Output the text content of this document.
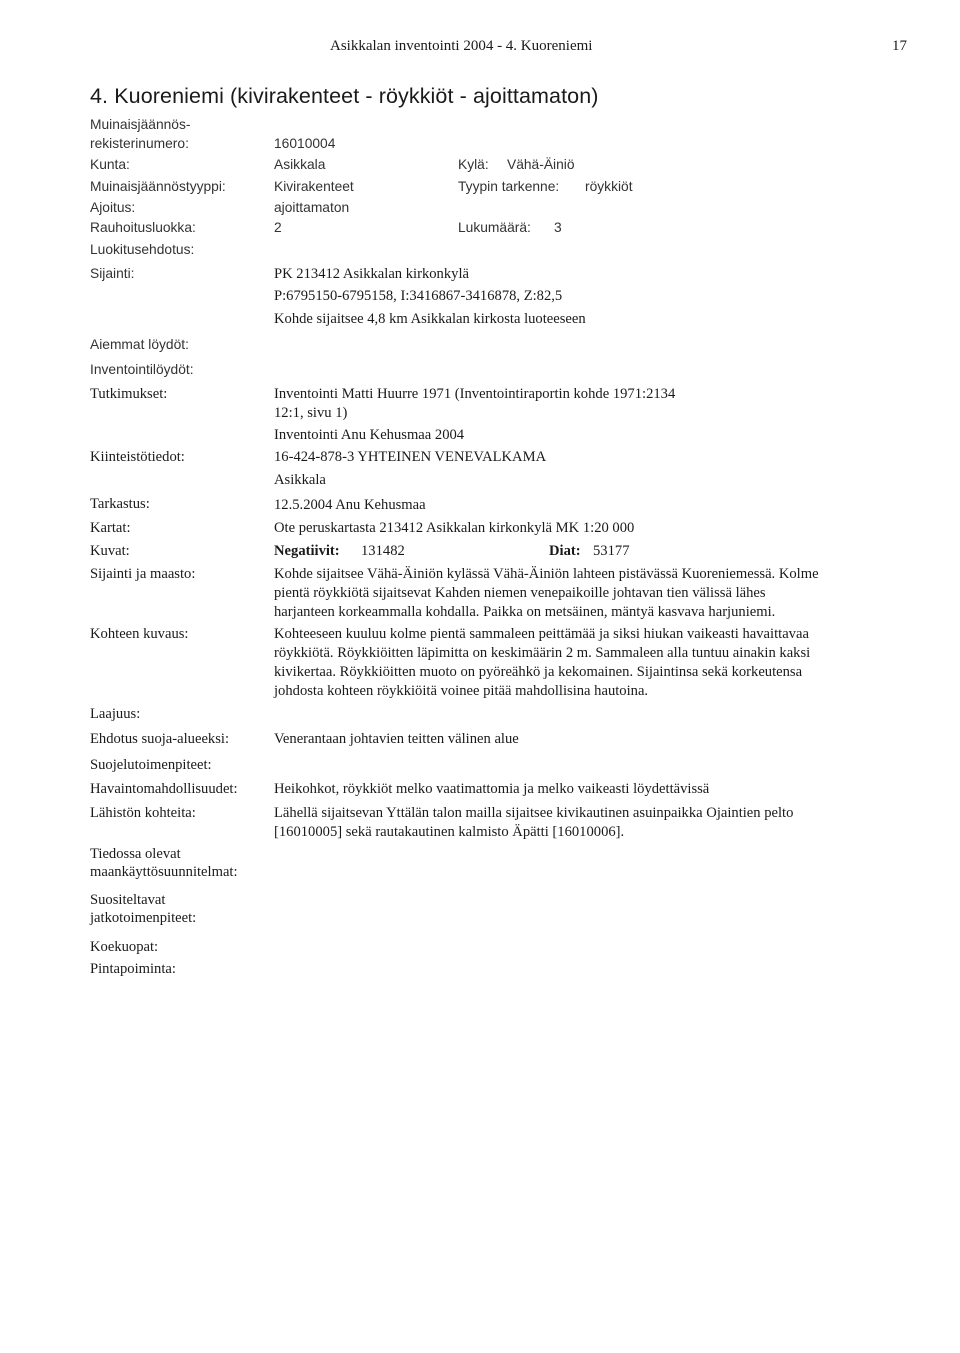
Asikkalan inventointi 2004 - 4. Kuoreniemi	17
4. Kuoreniemi (kivirakenteet - röykkiöt - ajoittamaton)
Muinaisjäännös-
rekisterinumero:	16010004
Kunta:	Asikkala	Kylä: Vähä-Äiniö
Muinaisjäännöstyyppi:	Kivirakenteet	Tyypin tarkenne: röykkiöt
Ajoitus:	ajoittamaton
Rauhoitusluokka:	2	Lukumäärä: 3
Luokitusehdotus:
Sijainti:	PK 213412 Asikkalan kirkonkylä
P:6795150-6795158, I:3416867-3416878, Z:82,5
Kohde sijaitsee 4,8 km Asikkalan kirkosta luoteeseen
Aiemmat löydöt:
Inventointilöydöt:
Tutkimukset:	Inventointi Matti Huurre 1971 (Inventointiraportin kohde 1971:2134
12:1, sivu 1)
Inventointi Anu Kehusmaa 2004
Kiinteistötiedot:	16-424-878-3 YHTEINEN VENEVALKAMA
Asikkala
Tarkastus:	12.5.2004 Anu Kehusmaa
Kartat:	Ote peruskartasta 213412 Asikkalan kirkonkylä MK 1:20 000
Kuvat:	Negatiivit: 131482	Diat: 53177
Sijainti ja maasto:	Kohde sijaitsee Vähä-Äiniön kylässä Vähä-Äiniön lahteen pistävässä Kuoreniemessä. Kolme
pientä röykkiötä sijaitsevat Kahden niemen venepaikoille johtavan tien välissä lähes
harjanteen korkeammalla kohdalla. Paikka on metsäinen, mäntyä kasvava harjuniemi.
Kohteen kuvaus:	Kohteeseen kuuluu kolme pientä sammaleen peittämää ja siksi hiukan vaikeasti havaittavaa
röykkiötä. Röykkiöitten läpimitta on keskimäärin 2 m. Sammaleen alla tuntuu ainakin kaksi
kivikertaa. Röykkiöitten muoto on pyöreähkö ja kekomainen. Sijaintinsa sekä korkeutensa
johdosta kohteen röykkiöitä voinee pitää mahdollisina hautoina.
Laajuus:
Ehdotus suoja-alueeksi:	Venerantaan johtavien teitten välinen alue
Suojelutoimenpiteet:
Havaintomahdollisuudet: Heikohkot, röykkiöt melko vaatimattomia ja melko vaikeasti löydettävissä
Lähistön kohteita:	Lähellä sijaitsevan Yttälän talon mailla sijaitsee kivikautinen asuinpaikka Ojaintien pelto
[16010005] sekä rautakautinen kalmisto Äpätti [16010006].
Tiedossa olevat
maankäyttösuunnitelmat:
Suositeltavat
jatkotoimenpiteet:
Koekuopat:
Pintapoiminta:
